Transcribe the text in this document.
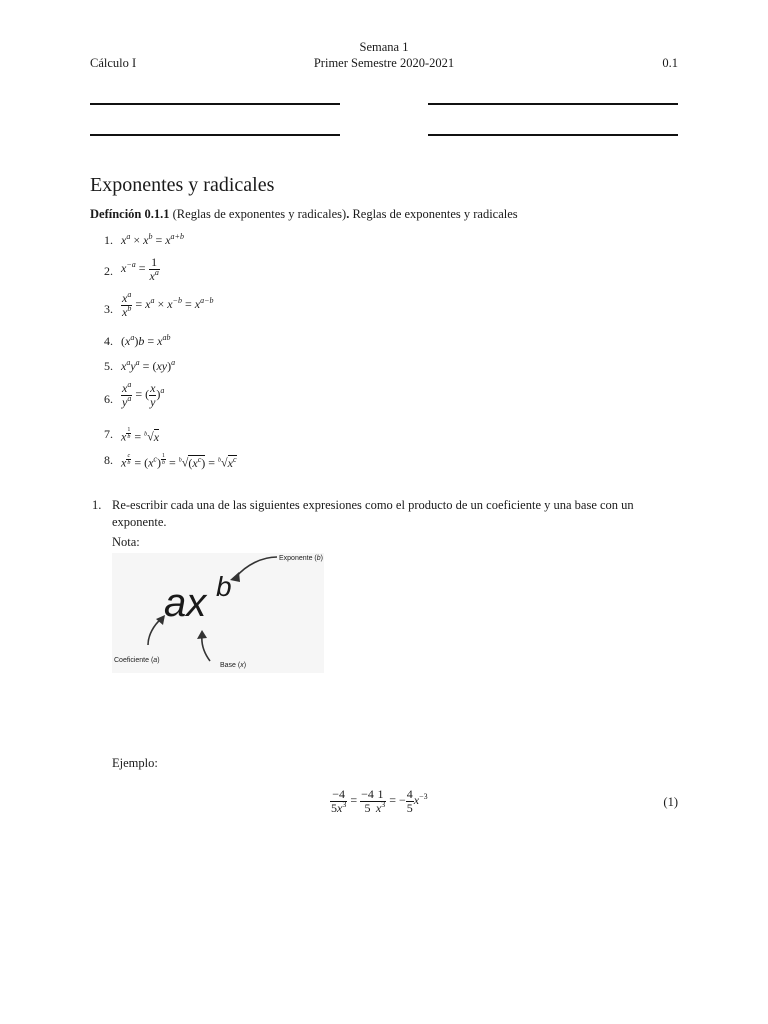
Cálculo I
Semana 1
Primer Semestre 2020-2021	0.1
Exponentes y radicales
Defínción 0.1.1 (Reglas de exponentes y radicales). Reglas de exponentes y radicales
1. $x^a \times x^b = x^{a+b}$
2. $x^{-a} = \frac{1}{x^a}$
3. $\frac{x^a}{x^b} = x^a \times x^{-b} = x^{a-b}$
4. $(x^a)b = x^{ab}$
5. $x^ay^a = (xy)^a$
6. $\frac{x^a}{y^a}$ = ( $\frac{x}{y} )^a$
7. x $^{\frac{1}{b}}$ = $^b$√x
8. x $^{\frac{c}{b}} = (x^c) ^{\frac{1}{b}} = ^b√(x^c) = ^b√x^c$
1. Re-escribir cada una de las siguientes expresiones como el producto de un coeficiente y una base con un
exponente.
Nota:
ax b
Exponente (b)
Coeficiente (a)
Base (x)
Ejemplo:
$\frac{-4}{5x^3} = \frac{-4}{5} \frac{1}{x^3}$ = − $\frac{4}{5} x^{-3}$	(1)
